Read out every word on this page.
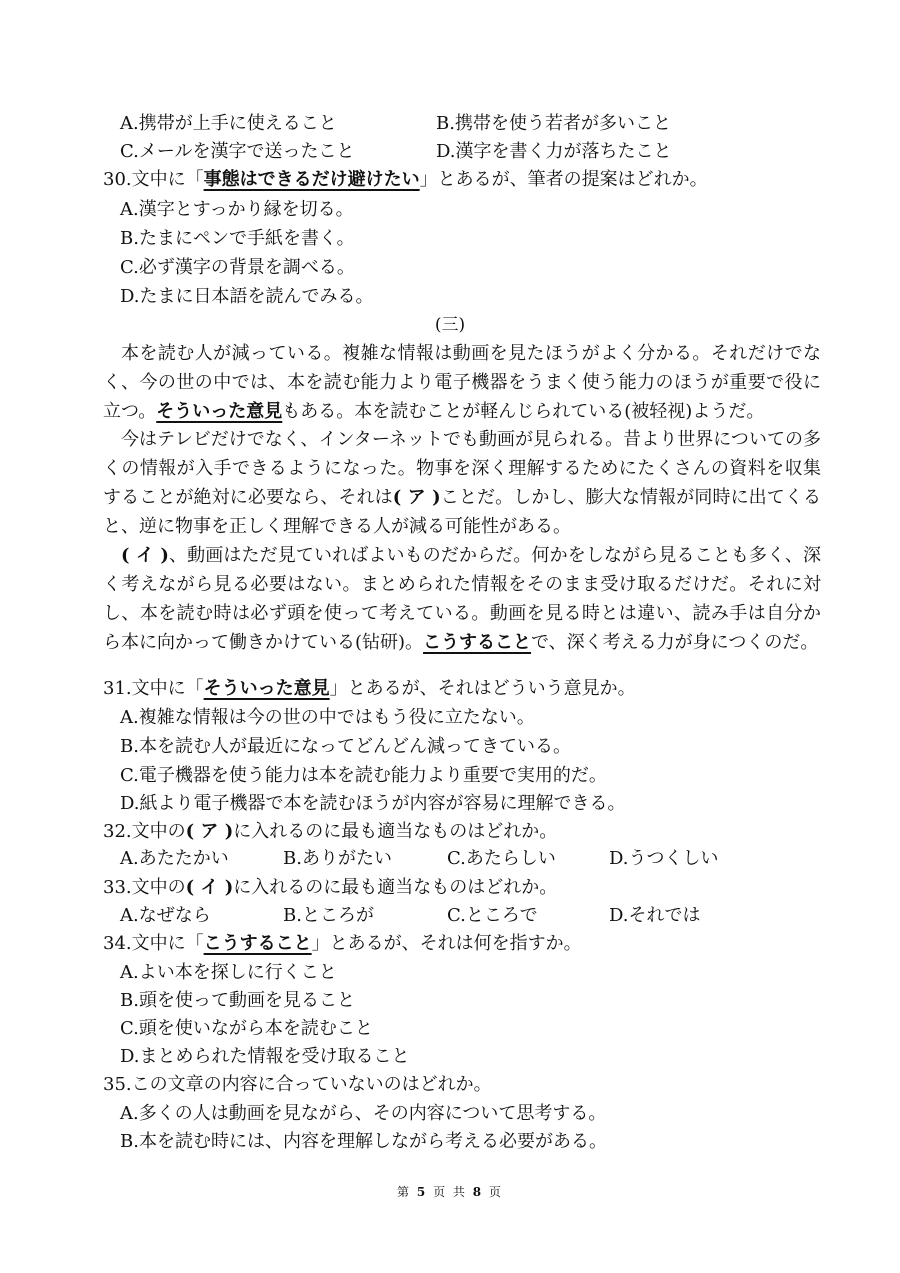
A.携帯が上手に使えること	B.携帯を使う若者が多いこと
C.メールを漢字で送ったこと	D.漢字を書く力が落ちたこと
30.文中に「事態はできるだけ避けたい」とあるが、筆者の提案はどれか。
A.漢字とすっかり縁を切る。
B.たまにペンで手紙を書く。
C.必ず漢字の背景を調べる。
D.たまに日本語を読んでみる。
(三)
本を読む人が減っている。複雑な情報は動画を見たほうがよく分かる。それだけでなく、今の世の中では、本を読む能力より電子機器をうまく使う能力のほうが重要で役に立つ。そういった意見もある。本を読むことが軽んじられている(被轻视)ようだ。
今はテレビだけでなく、インターネットでも動画が見られる。昔より世界についての多くの情報が入手できるようになった。物事を深く理解するためにたくさんの資料を収集することが絶対に必要なら、それは( ア )ことだ。しかし、膨大な情報が同時に出てくると、逆に物事を正しく理解できる人が減る可能性がある。
( イ )、動画はただ見ていればよいものだからだ。何かをしながら見ることも多く、深く考えながら見る必要はない。まとめられた情報をそのまま受け取るだけだ。それに対し、本を読む時は必ず頭を使って考えている。動画を見る時とは違い、読み手は自分から本に向かって働きかけている(钻研)。こうすることで、深く考える力が身につくのだ。
31.文中に「そういった意見」とあるが、それはどういう意見か。
A.複雑な情報は今の世の中ではもう役に立たない。
B.本を読む人が最近になってどんどん減ってきている。
C.電子機器を使う能力は本を読む能力より重要で実用的だ。
D.紙より電子機器で本を読むほうが内容が容易に理解できる。
32.文中の( ア )に入れるのに最も適当なものはどれか。
A.あたたかい	B.ありがたい	C.あたらしい	D.うつくしい
33.文中の( イ )に入れるのに最も適当なものはどれか。
A.なぜなら	B.ところが	C.ところで	D.それでは
34.文中に「こうすること」とあるが、それは何を指すか。
A.よい本を探しに行くこと
B.頭を使って動画を見ること
C.頭を使いながら本を読むこと
D.まとめられた情報を受け取ること
35.この文章の内容に合っていないのはどれか。
A.多くの人は動画を見ながら、その内容について思考する。
B.本を読む時には、内容を理解しながら考える必要がある。
第 5 页 共 8 页
